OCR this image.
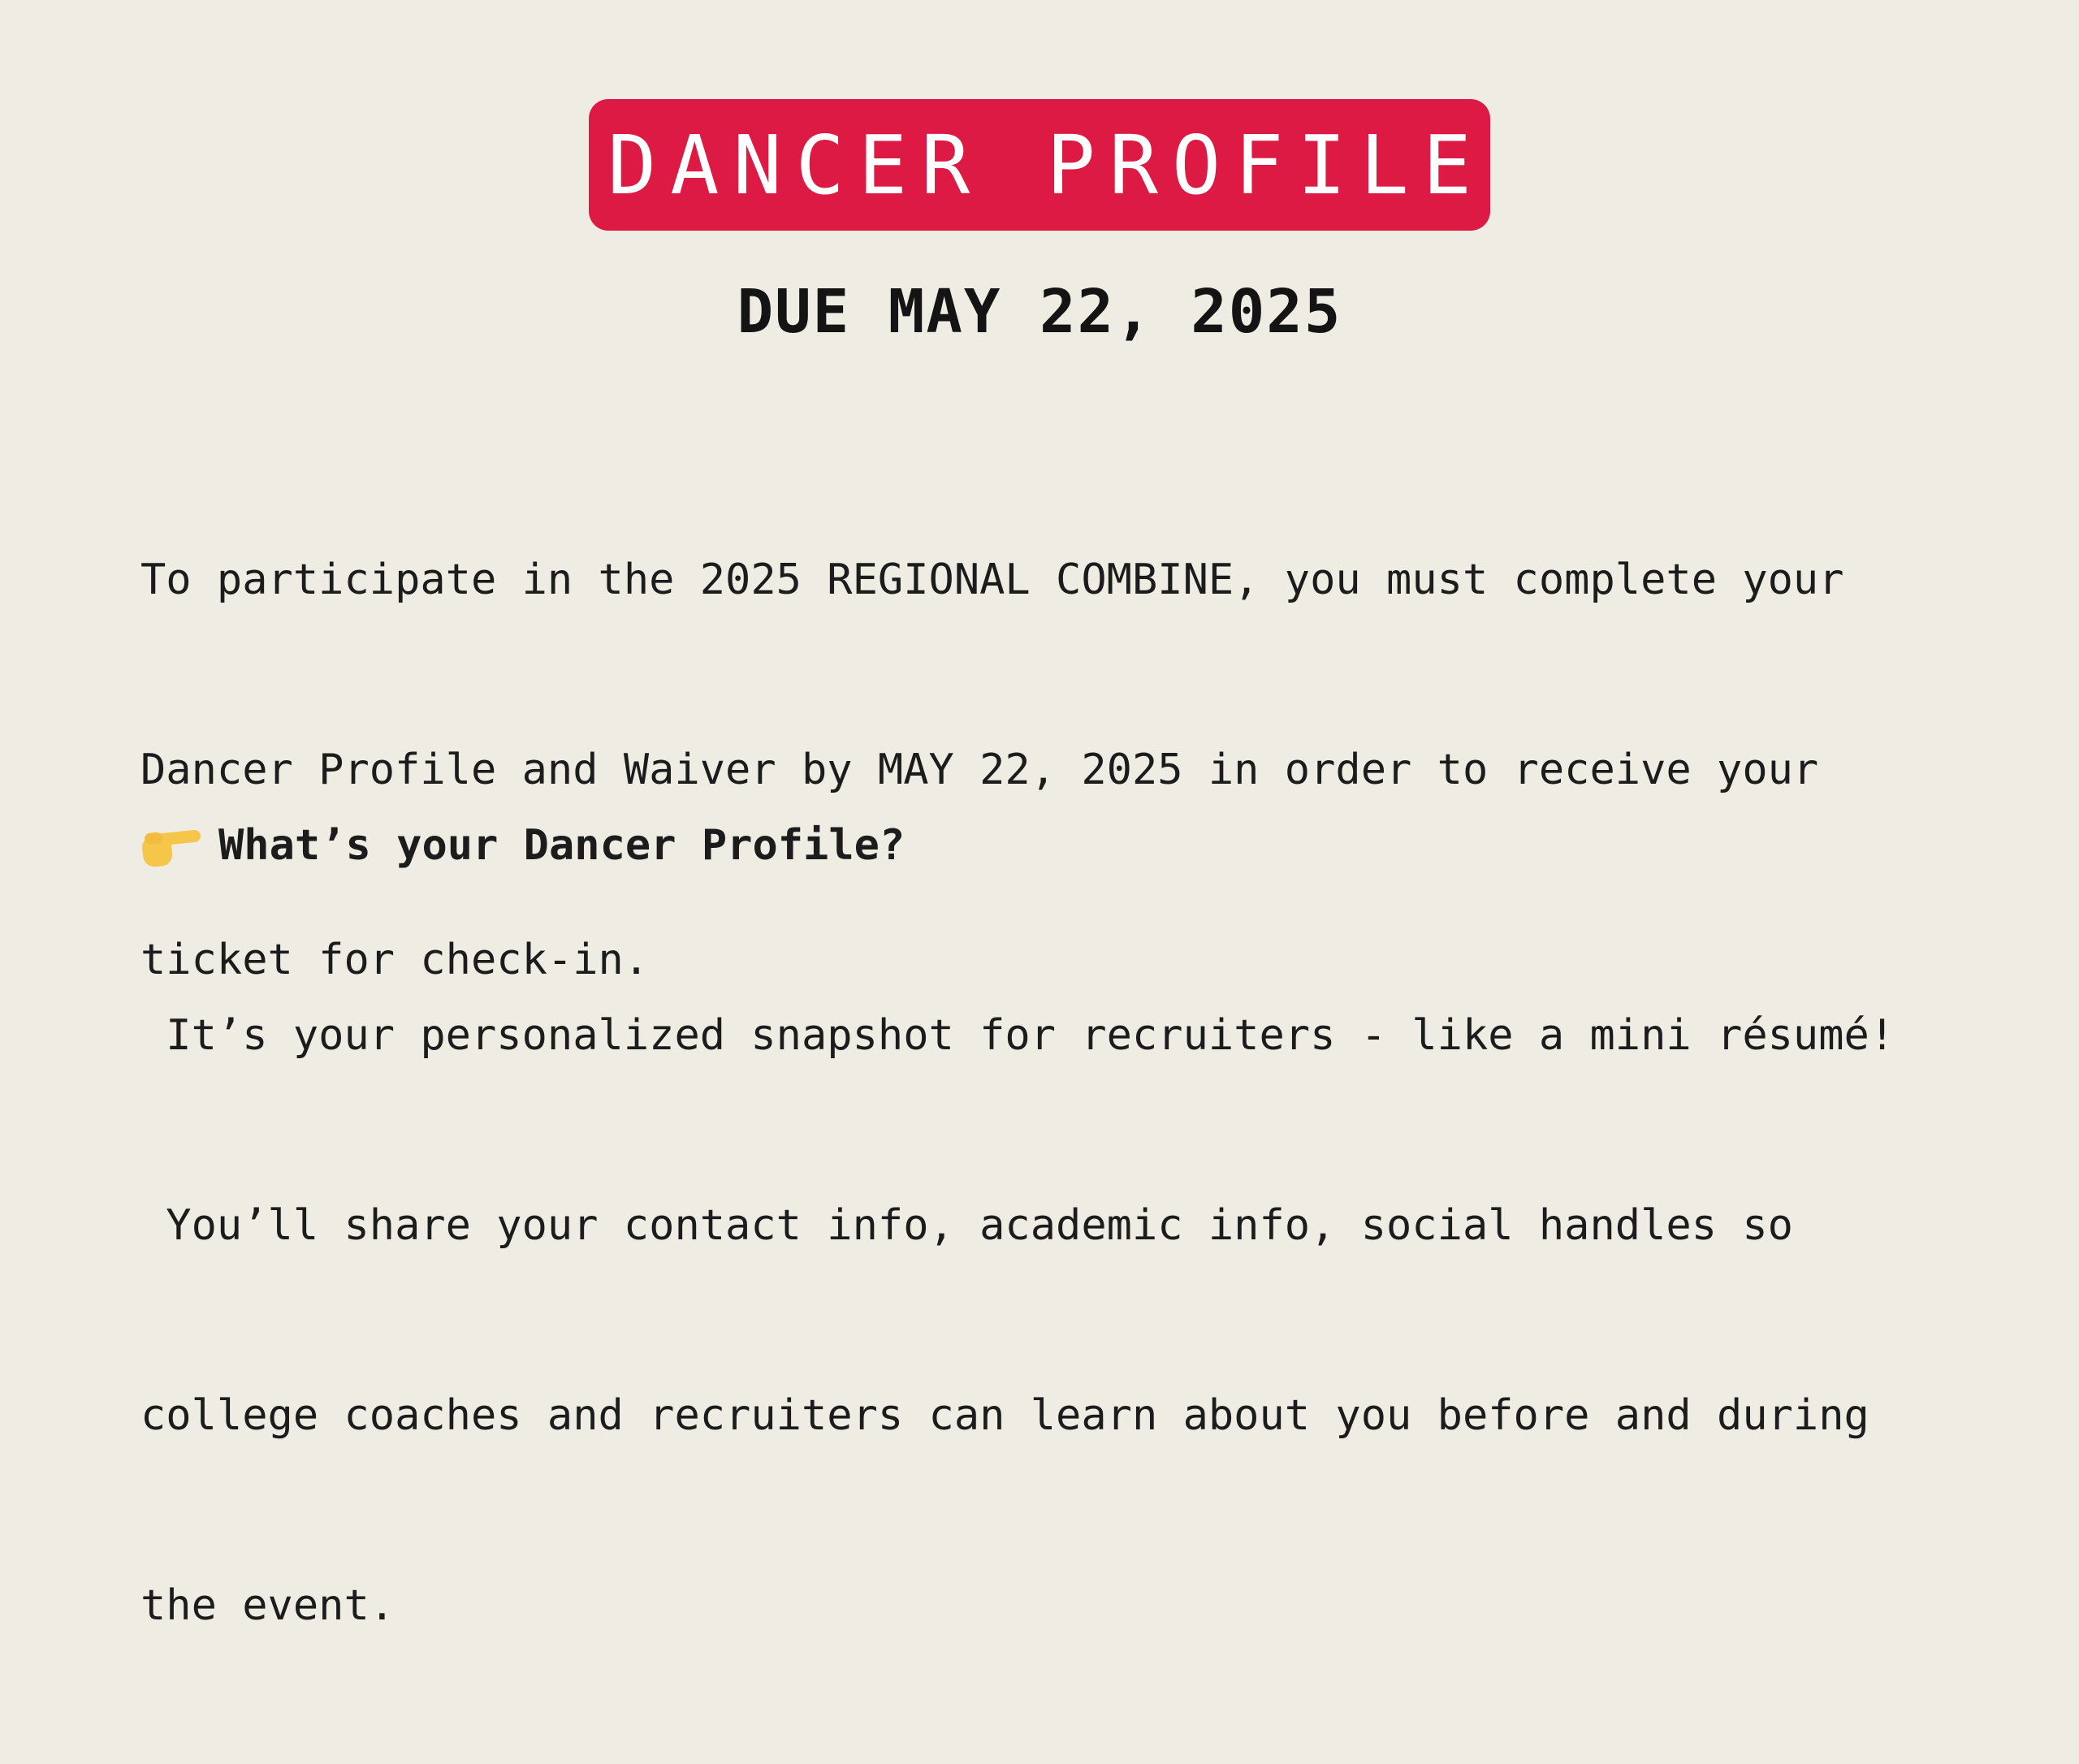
DANCER PROFILE
DUE MAY 22, 2025

To participate in the 2025 REGIONAL COMBINE, you must complete your

Dancer Profile and Waiver by MAY 22, 2025 in order to receive your

ticket for check-in.

What’s your Dancer Profile?

It’s your personalized snapshot for recruiters - like a mini résumé!

You’ll share your contact info, academic info, social handles so

college coaches and recruiters can learn about you before and during

the event.
